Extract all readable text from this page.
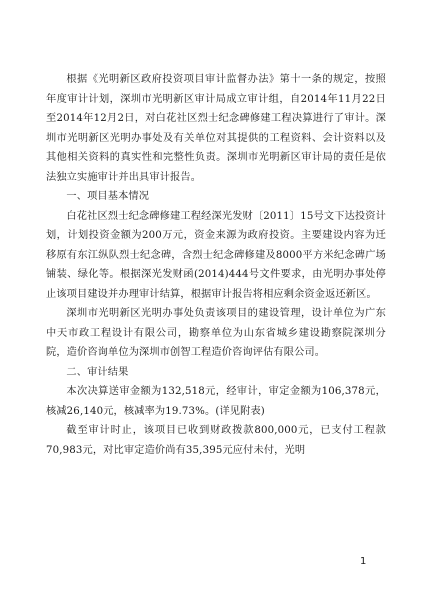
根据《光明新区政府投资项目审计监督办法》第十一条的规定，按照年度审计计划，深圳市光明新区审计局成立审计组，自2014年11月22日至2014年12月2日，对白花社区烈士纪念碑修建工程决算进行了审计。深圳市光明新区光明办事处及有关单位对其提供的工程资料、会计资料以及其他相关资料的真实性和完整性负责。深圳市光明新区审计局的责任是依法独立实施审计并出具审计报告。

一、项目基本情况

白花社区烈士纪念碑修建工程经深光发财〔2011〕15号文下达投资计划，计划投资金额为200万元，资金来源为政府投资。主要建设内容为迁移原有东江纵队烈士纪念碑，含烈士纪念碑修建及8000平方米纪念碑广场铺装、绿化等。根据深光发财函(2014)444号文件要求，由光明办事处停止该项目建设并办理审计结算，根据审计报告将相应剩余资金返还新区。

深圳市光明新区光明办事处负责该项目的建设管理，设计单位为广东中天市政工程设计有限公司，勘察单位为山东省城乡建设勘察院深圳分院，造价咨询单位为深圳市创智工程造价咨询评估有限公司。

二、审计结果

本次决算送审金额为132,518元，经审计，审定金额为106,378元，核减26,140元，核减率为19.73%。(详见附表)

截至审计时止，该项目已收到财政拨款800,000元，已支付工程款70,983元，对比审定造价尚有35,395元应付未付，光明

1
